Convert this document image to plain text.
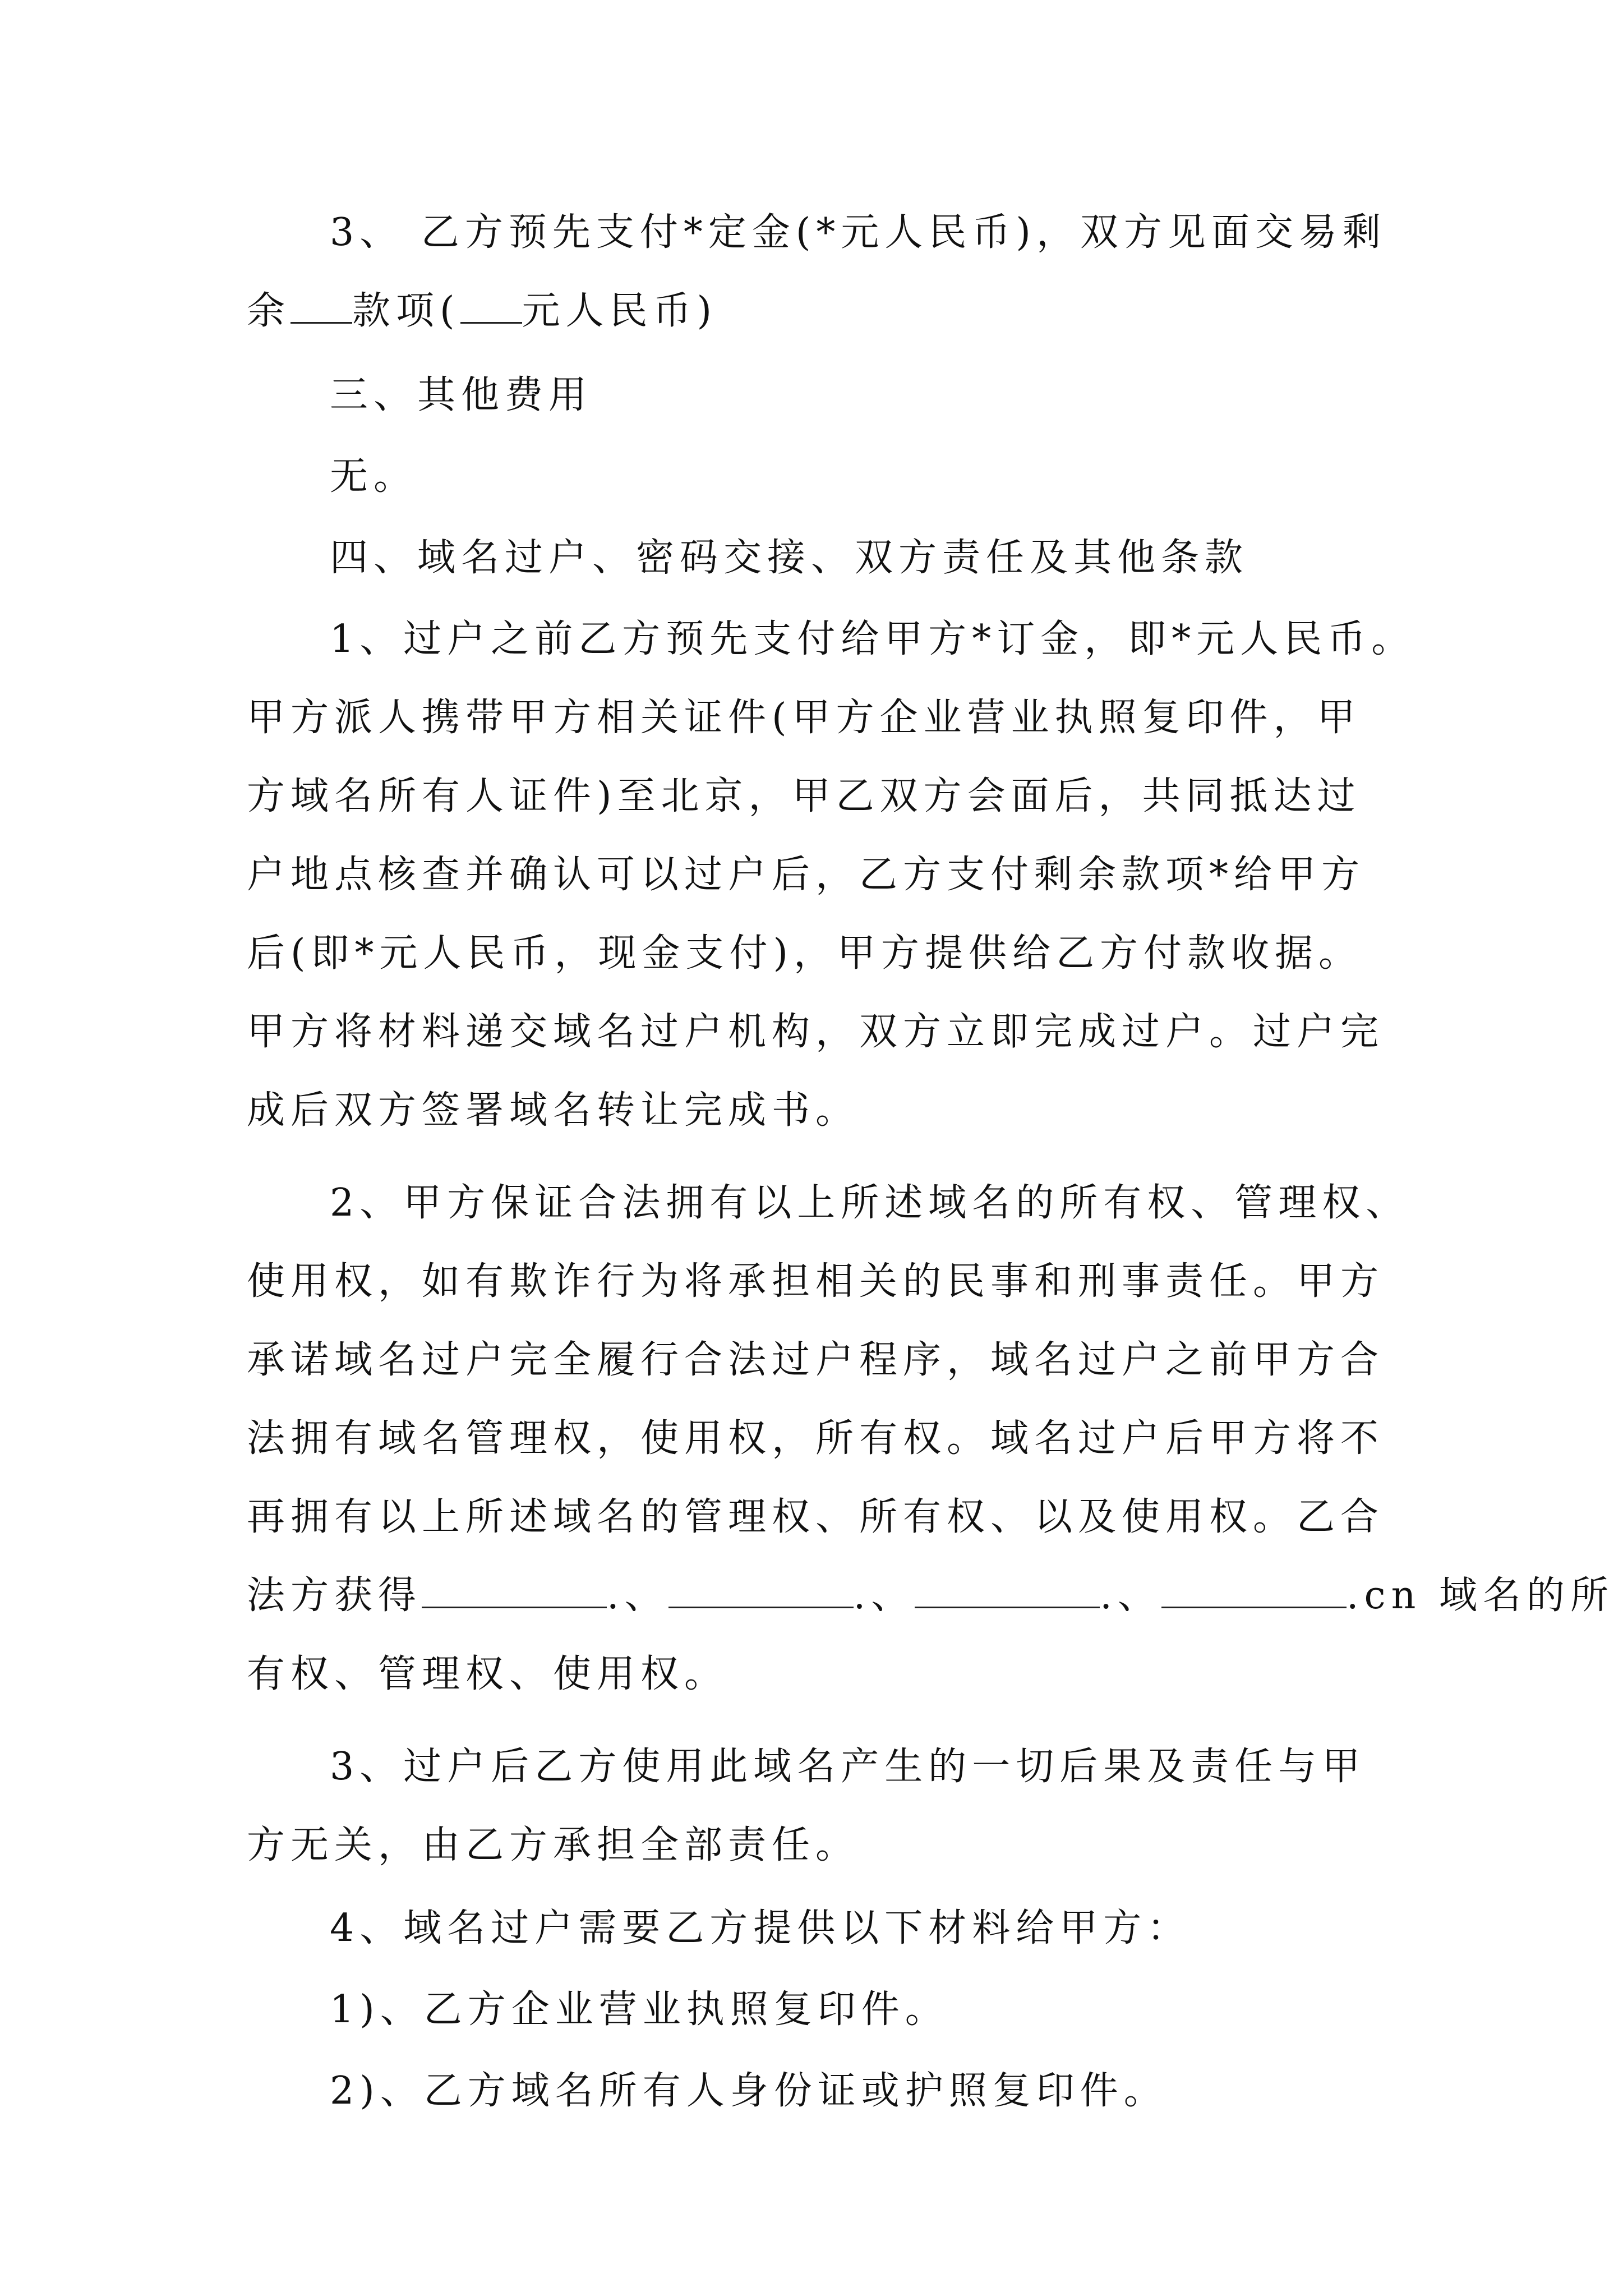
3、 乙方预先支付*定金(*元人民币)，双方见面交易剩
余 款项( 元人民币)
三、其他费用
无。
四、域名过户、密码交接、双方责任及其他条款
1、过户之前乙方预先支付给甲方*订金，即*元人民币。
甲方派人携带甲方相关证件(甲方企业营业执照复印件，甲
方域名所有人证件)至北京，甲乙双方会面后，共同抵达过
户地点核查并确认可以过户后，乙方支付剩余款项*给甲方
后(即*元人民币，现金支付)，甲方提供给乙方付款收据。
甲方将材料递交域名过户机构，双方立即完成过户。过户完
成后双方签署域名转让完成书。
2、甲方保证合法拥有以上所述域名的所有权、管理权、
使用权，如有欺诈行为将承担相关的民事和刑事责任。甲方
承诺域名过户完全履行合法过户程序，域名过户之前甲方合
法拥有域名管理权，使用权，所有权。域名过户后甲方将不
再拥有以上所述域名的管理权、所有权、以及使用权。乙合
法方获得	.、	.、	.、	.cn 域名的所
有权、管理权、使用权。
3、过户后乙方使用此域名产生的一切后果及责任与甲
方无关，由乙方承担全部责任。
4、域名过户需要乙方提供以下材料给甲方：
1)、乙方企业营业执照复印件。
2)、乙方域名所有人身份证或护照复印件。
